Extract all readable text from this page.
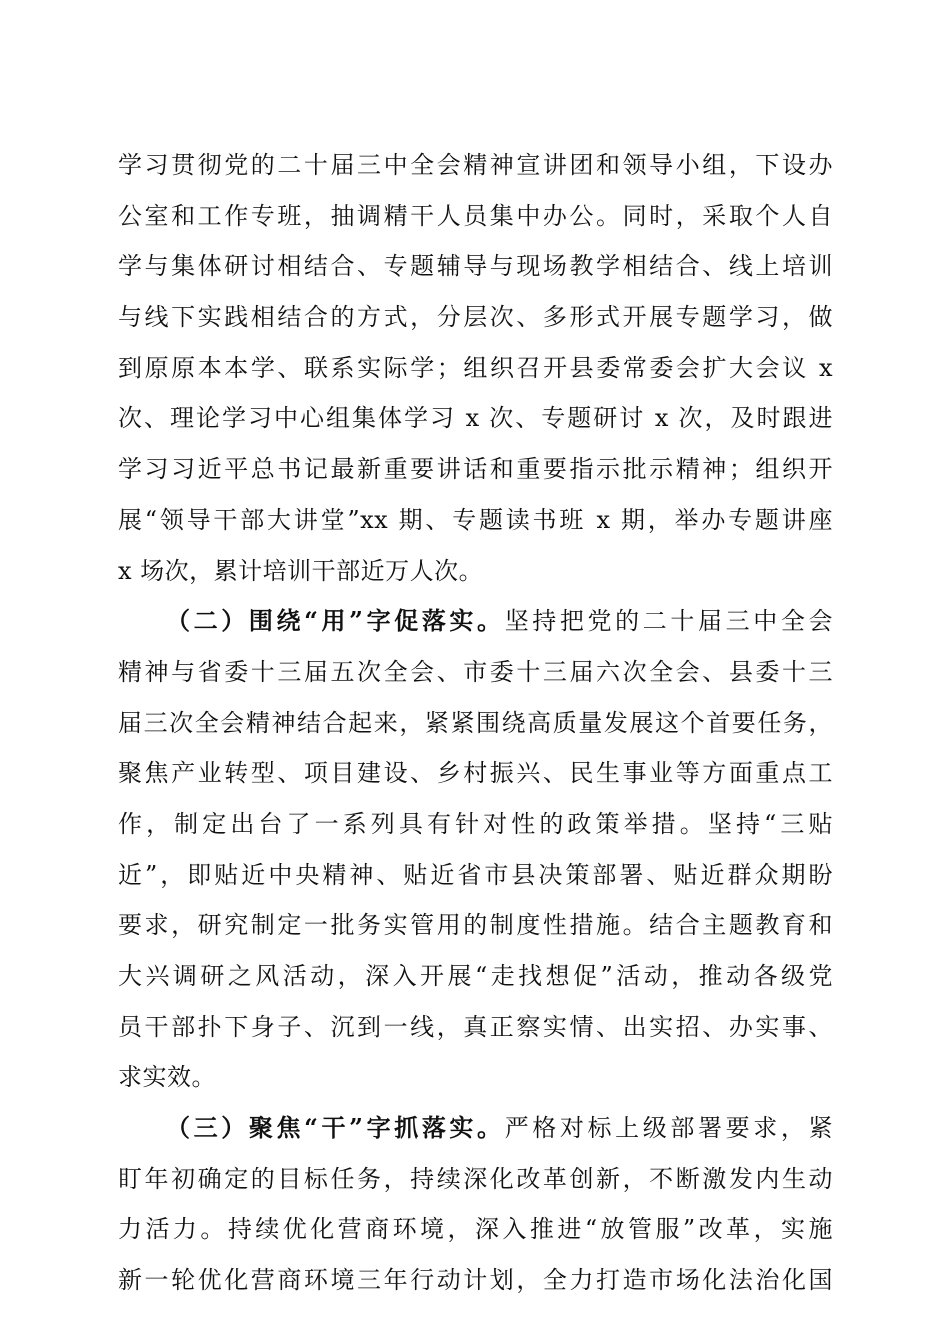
学习贯彻党的二十届三中全会精神宣讲团和领导小组，下设办
公室和工作专班，抽调精干人员集中办公。同时，采取个人自
学与集体研讨相结合、专题辅导与现场教学相结合、线上培训
与线下实践相结合的方式，分层次、多形式开展专题学习，做
到原原本本学、联系实际学；组织召开县委常委会扩大会议 x
次、理论学习中心组集体学习 x 次、专题研讨 x 次，及时跟进
学习习近平总书记最新重要讲话和重要指示批示精神；组织开
展“领导干部大讲堂”xx 期、专题读书班 x 期，举办专题讲座
x 场次，累计培训干部近万人次。
（二）围绕“用”字促落实。坚持把党的二十届三中全会
精神与省委十三届五次全会、市委十三届六次全会、县委十三
届三次全会精神结合起来，紧紧围绕高质量发展这个首要任务，
聚焦产业转型、项目建设、乡村振兴、民生事业等方面重点工
作，制定出台了一系列具有针对性的政策举措。坚持“三贴
近”，即贴近中央精神、贴近省市县决策部署、贴近群众期盼
要求，研究制定一批务实管用的制度性措施。结合主题教育和
大兴调研之风活动，深入开展“走找想促”活动，推动各级党
员干部扑下身子、沉到一线，真正察实情、出实招、办实事、
求实效。
（三）聚焦“干”字抓落实。严格对标上级部署要求，紧
盯年初确定的目标任务，持续深化改革创新，不断激发内生动
力活力。持续优化营商环境，深入推进“放管服”改革，实施
新一轮优化营商环境三年行动计划，全力打造市场化法治化国
